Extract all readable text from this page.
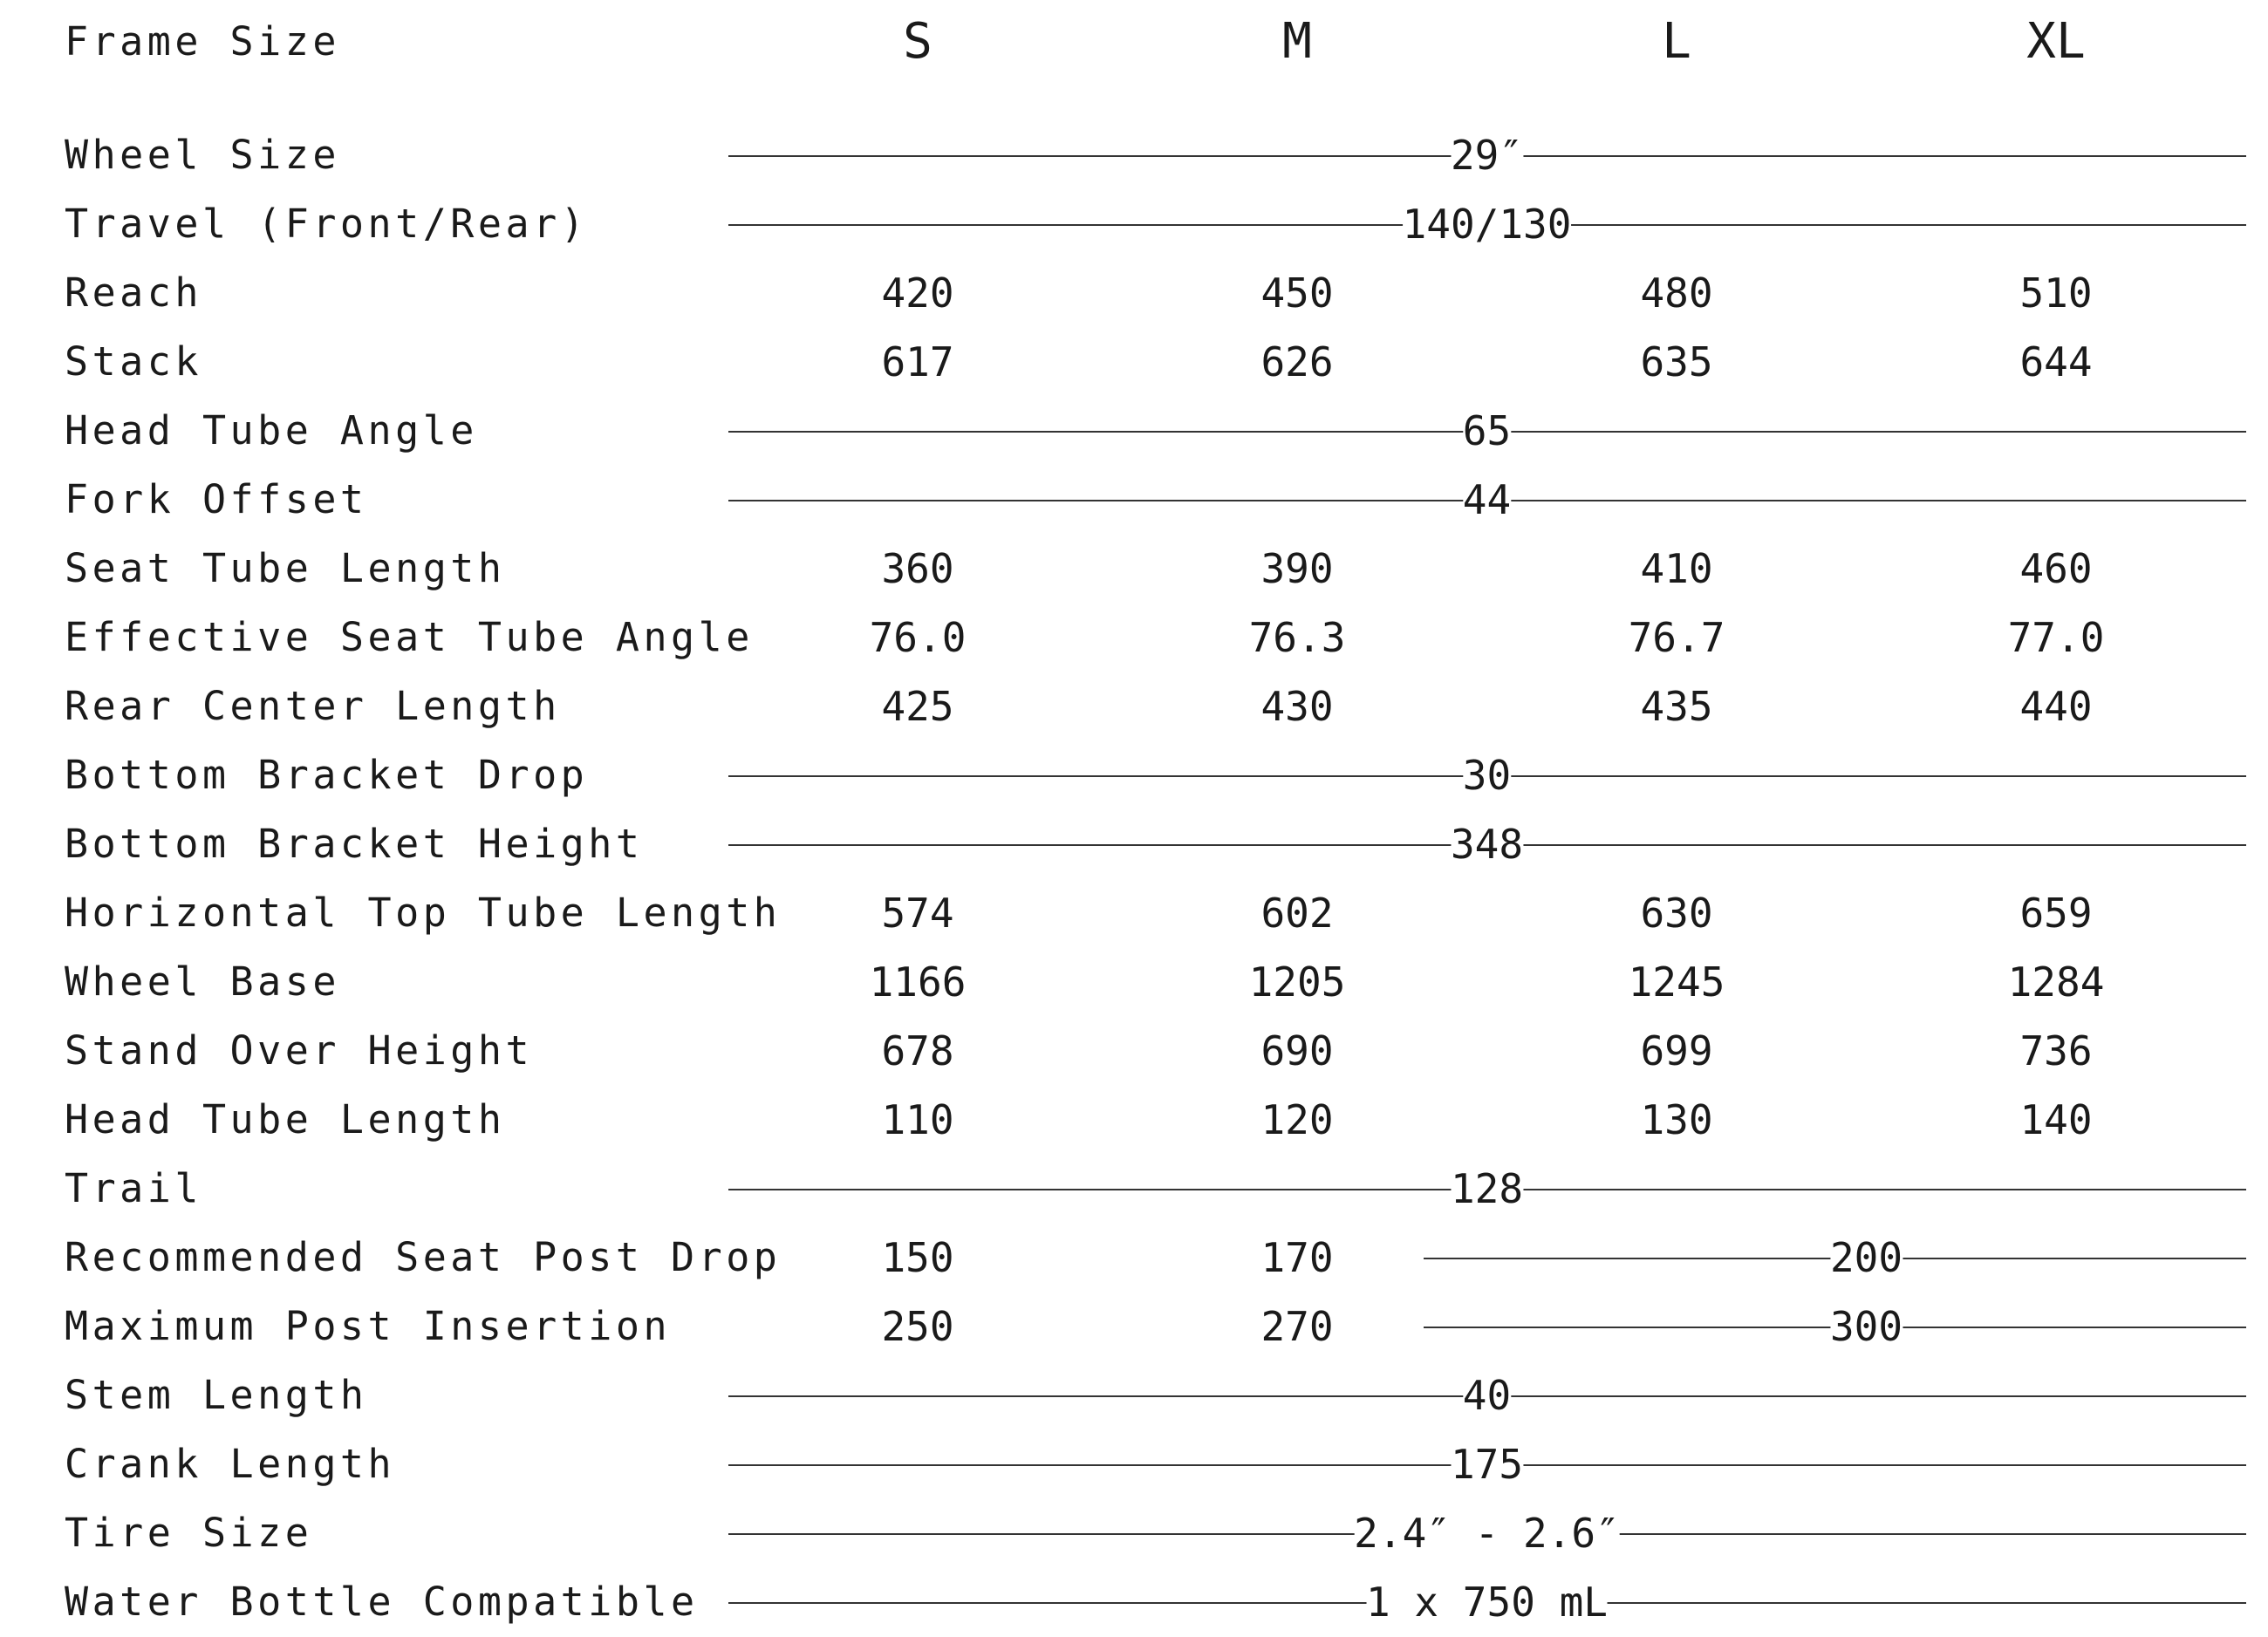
Frame Size	S	M	L	XL
Wheel Size	29″
Travel (Front/Rear)	140/130
Reach	420	450	480	510
Stack	617	626	635	644
Head Tube Angle	65
Fork Offset	44
Seat Tube Length	360	390	410	460
Effective Seat Tube Angle	76.0	76.3	76.7	77.0
Rear Center Length	425	430	435	440
Bottom Bracket Drop	30
Bottom Bracket Height	348
Horizontal Top Tube Length	574	602	630	659
Wheel Base	1166	1205	1245	1284
Stand Over Height	678	690	699	736
Head Tube Length	110	120	130	140
Trail	128
Recommended Seat Post Drop	150	170	200
Maximum Post Insertion	250	270	300
Stem Length	40
Crank Length	175
Tire Size	2.4″ - 2.6″
Water Bottle Compatible	1 x 750 mL
